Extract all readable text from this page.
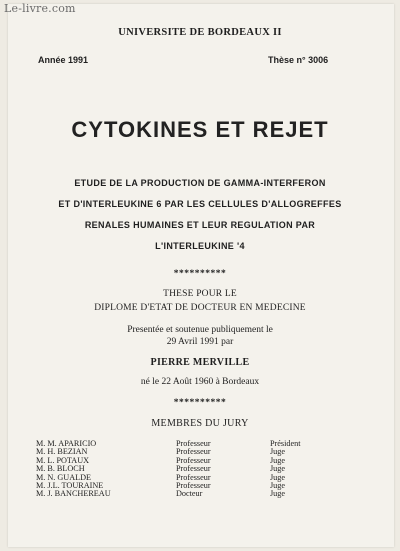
Le-livre.com
UNIVERSITE DE BORDEAUX II
Année 1991	Thèse n° 3006
CYTOKINES ET REJET
ETUDE DE LA PRODUCTION DE GAMMA-INTERFERON
ET D'INTERLEUKINE 6 PAR LES CELLULES D'ALLOGREFFES
RENALES HUMAINES ET LEUR REGULATION PAR
L'INTERLEUKINE '4
**********
THESE POUR LE
DIPLOME D'ETAT DE DOCTEUR EN MEDECINE
Presentée et soutenue publiquement le
29 Avril 1991 par
PIERRE MERVILLE
né le 22 Août 1960 à Bordeaux
**********
MEMBRES DU JURY
M. M. APARICIO	Professeur	Président
M. H. BEZIAN	Professeur	Juge
M. L. POTAUX	Professeur	Juge
M. B. BLOCH	Professeur	Juge
M. N. GUALDE	Professeur	Juge
M. J.L. TOURAINE	Professeur	Juge
M. J. BANCHEREAU	Docteur	Juge
